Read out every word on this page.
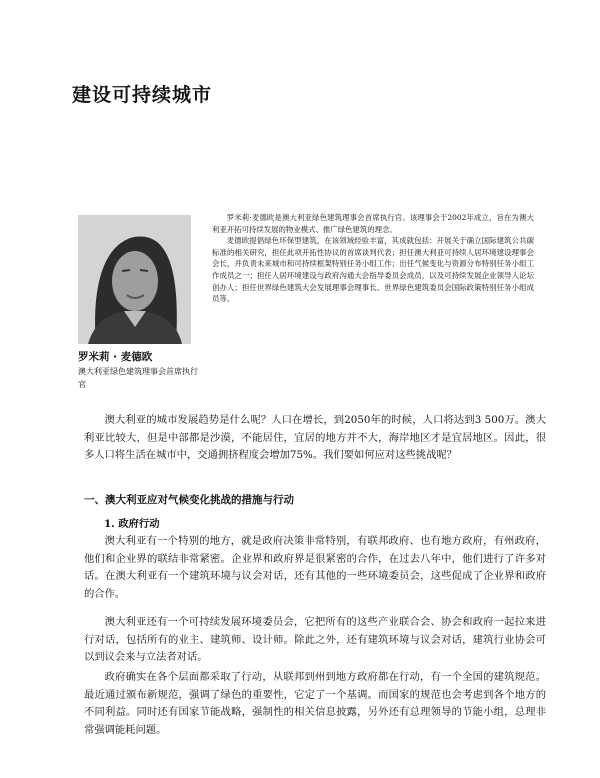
建设可持续城市

罗米莉 · 麦德欧

澳大利亚绿色建筑理事会首席执行官

罗米莉·麦德欧是澳大利亚绿色建筑理事会首席执行官。该理事会于2002年成立，旨在为澳大利亚开拓可持续发展的物业模式、推广绿色建筑的理念。

麦德欧提倡绿色环保型建筑，在该领域经验丰富，其成就包括：开展关于确立国际建筑公共碳标准的相关研究，担任此项开拓性协议的首席谈判代表；担任澳大利亚可持续人居环境建设理事会会长，并负责未来城市和可持续框架特别任务小组工作；出任气候变化与资源分布特别任务小组工作成员之一；担任人居环境建设与政府沟通大会指导委员会成员，以及可持续发展企业领导人论坛创办人；担任世界绿色建筑大会发展理事会理事长、世界绿色建筑委员会国际政策特别任务小组成员等。

澳大利亚的城市发展趋势是什么呢？人口在增长，到2050年的时候，人口将达到3 500万。澳大利亚比较大，但是中部都是沙漠，不能居住，宜居的地方并不大，海岸地区才是宜居地区。因此，很多人口将生活在城市中，交通拥挤程度会增加75%。我们要如何应对这些挑战呢？

一、澳大利亚应对气候变化挑战的措施与行动
1. 政府行动

澳大利亚有一个特别的地方，就是政府决策非常特别，有联邦政府、也有地方政府，有州政府，他们和企业界的联结非常紧密。企业界和政府界是很紧密的合作，在过去八年中，他们进行了许多对话。在澳大利亚有一个建筑环境与议会对话，还有其他的一些环境委员会，这些促成了企业界和政府的合作。

澳大利亚还有一个可持续发展环境委员会，它把所有的这些产业联合会、协会和政府一起拉来进行对话，包括所有的业主、建筑师、设计师。除此之外，还有建筑环境与议会对话，建筑行业协会可以到议会来与立法者对话。

政府确实在各个层面都采取了行动，从联邦到州到地方政府都在行动，有一个全国的建筑规范。最近通过颁布新规范，强调了绿色的重要性，它定了一个基调。而国家的规范也会考虑到各个地方的不同利益。同时还有国家节能战略，强制性的相关信息披露，另外还有总理领导的节能小组，总理非常强调能耗问题。
